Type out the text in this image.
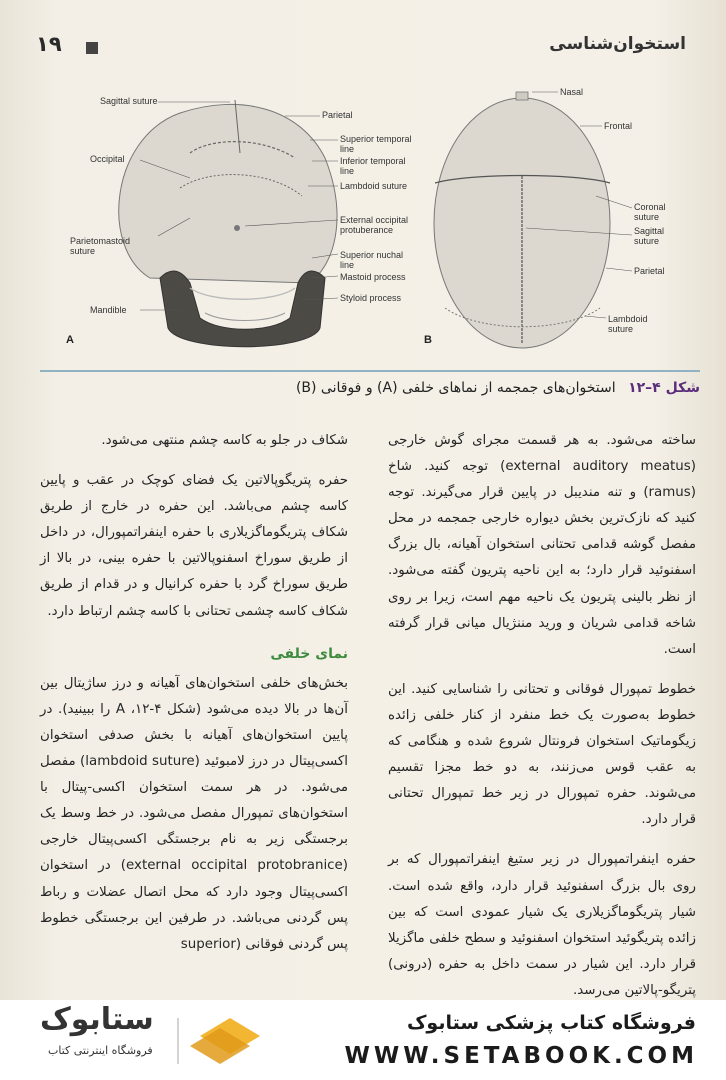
استخوان‌شناسی
۱۹
Sagittal suture
Parietal
Superior temporal
line
Inferior temporal
line
Occipital
Lambdoid suture
External occipital
protuberance
Parietomastoid
suture	Superior nuchal
line
Mastoid process
Styloid process
Mandible
A
Nasal
Frontal
Coronal
suture
Sagittal
suture
Parietal
Lambdoid
suture
B
شکل ۴–۱۲ استخوان‌های جمجمه از نماهای خلفی (A) و فوقانی (B)

ساخته می‌شود. به هر قسمت مجرای گوش خارجی (external auditory meatus) توجه کنید. شاخ (ramus) و تنه مندیبل در پایین قرار می‌گیرند. توجه کنید که نازک‌ترین بخش دیواره خارجی جمجمه در محل مفصل گوشه قدامی تحتانی استخوان آهیانه، بال بزرگ اسفنوئید قرار دارد؛ به این ناحیه پتریون گفته می‌شود. از نظر بالینی پتریون یک ناحیه مهم است، زیرا بر روی شاخه قدامی شریان و ورید مننژیال میانی قرار گرفته است.

خطوط تمپورال فوقانی و تحتانی را شناسایی کنید. این خطوط به‌صورت یک خط منفرد از کنار خلفی زائده زیگوماتیک استخوان فرونتال شروع شده و هنگامی که به عقب قوس می‌زنند، به دو خط مجزا تقسیم می‌شوند. حفره تمپورال در زیر خط تمپورال تحتانی قرار دارد.

حفره اینفراتمپورال در زیر ستیغ اینفراتمپورال که بر روی بال بزرگ اسفنوئید قرار دارد، واقع شده است. شیار پتریگوماگزیلاری یک شیار عمودی است که بین زائده پتریگوئید استخوان اسفنوئید و سطح خلفی ماگزیلا قرار دارد. این شیار در سمت داخل به حفره (درونی) پتریگو-پالاتین می‌رسد.

شکاف در جلو به کاسه چشم منتهی می‌شود.

حفره پتریگوپالاتین یک فضای کوچک در عقب و پایین کاسه چشم می‌باشد. این حفره در خارج از طریق شکاف پتریگوماگزیلاری با حفره اینفراتمپورال، در داخل از طریق سوراخ اسفنوپالاتین با حفره بینی، در بالا از طریق سوراخ گرد با حفره کرانیال و در قدام از طریق شکاف کاسه چشمی تحتانی با کاسه چشم ارتباط دارد.

نمای خلفی

بخش‌های خلفی استخوان‌های آهیانه و درز ساژیتال بین آن‌ها در بالا دیده می‌شود (شکل ۴-۱۲، A را ببینید). در پایین استخوان‌های آهیانه با بخش صدفی استخوان اکسی‌پیتال در درز لامبوئید (lambdoid suture) مفصل می‌شود. در هر سمت استخوان اکسی-پیتال با استخوان‌های تمپورال مفصل می‌شود. در خط وسط یک برجستگی زیر به نام برجستگی اکسی‌پیتال خارجی (external occipital protobranice) در استخوان اکسی‌پیتال وجود دارد که محل اتصال عضلات و رباط پس گردنی می‌باشد. در طرفین این برجستگی خطوط پس گردنی فوقانی (superior

ستابوک
فروشگاه اینترنتی کتاب
فروشگاه کتاب پزشکی ستابوک
WWW.SETABOOK.COM
